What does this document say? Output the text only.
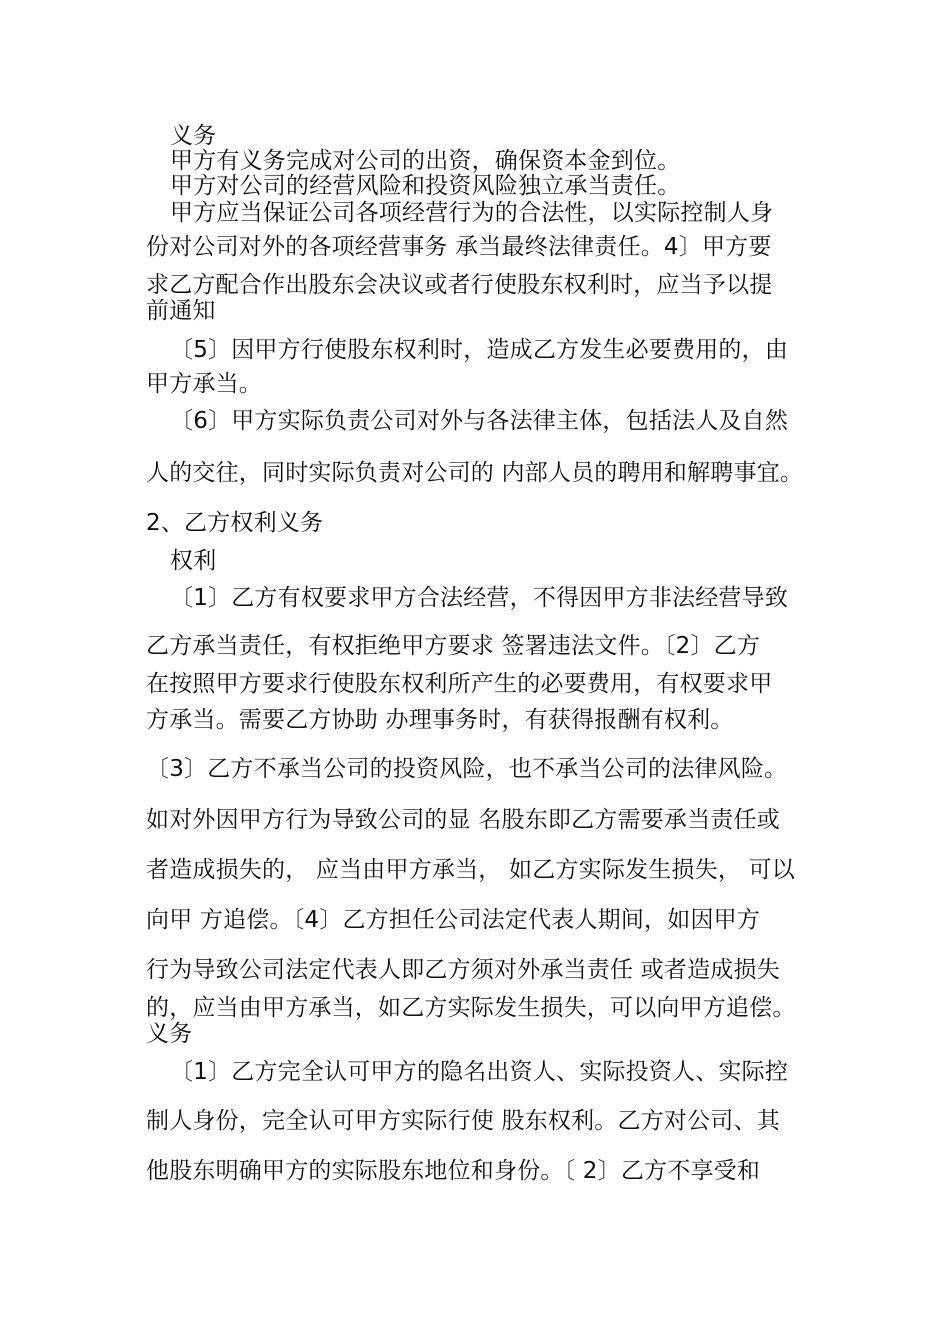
义务
甲方有义务完成对公司的出资，确保资本金到位。
甲方对公司的经营风险和投资风险独立承当责任。
甲方应当保证公司各项经营行为的合法性，以实际控制人身
份对公司对外的各项经营事务 承当最终法律责任。4〕甲方要
求乙方配合作出股东会决议或者行使股东权利时，应当予以提
前通知
〔5〕因甲方行使股东权利时，造成乙方发生必要费用的，由
甲方承当。
〔6〕甲方实际负责公司对外与各法律主体，包括法人及自然
人的交往，同时实际负责对公司的 内部人员的聘用和解聘事宜。
2、乙方权利义务
权利
〔1〕乙方有权要求甲方合法经营，不得因甲方非法经营导致
乙方承当责任，有权拒绝甲方要求 签署违法文件。〔2〕乙方
在按照甲方要求行使股东权利所产生的必要费用，有权要求甲
方承当。需要乙方协助 办理事务时，有获得报酬有权利。
〔3〕乙方不承当公司的投资风险，也不承当公司的法律风险。
如对外因甲方行为导致公司的显 名股东即乙方需要承当责任或
者造成损失的， 应当由甲方承当， 如乙方实际发生损失， 可以
向甲 方追偿。〔4〕乙方担任公司法定代表人期间，如因甲方
行为导致公司法定代表人即乙方须对外承当责任 或者造成损失
的，应当由甲方承当，如乙方实际发生损失，可以向甲方追偿。
义务
〔1〕乙方完全认可甲方的隐名出资人、实际投资人、实际控
制人身份，完全认可甲方实际行使 股东权利。乙方对公司、其
他股东明确甲方的实际股东地位和身份。〔 2〕乙方不享受和
